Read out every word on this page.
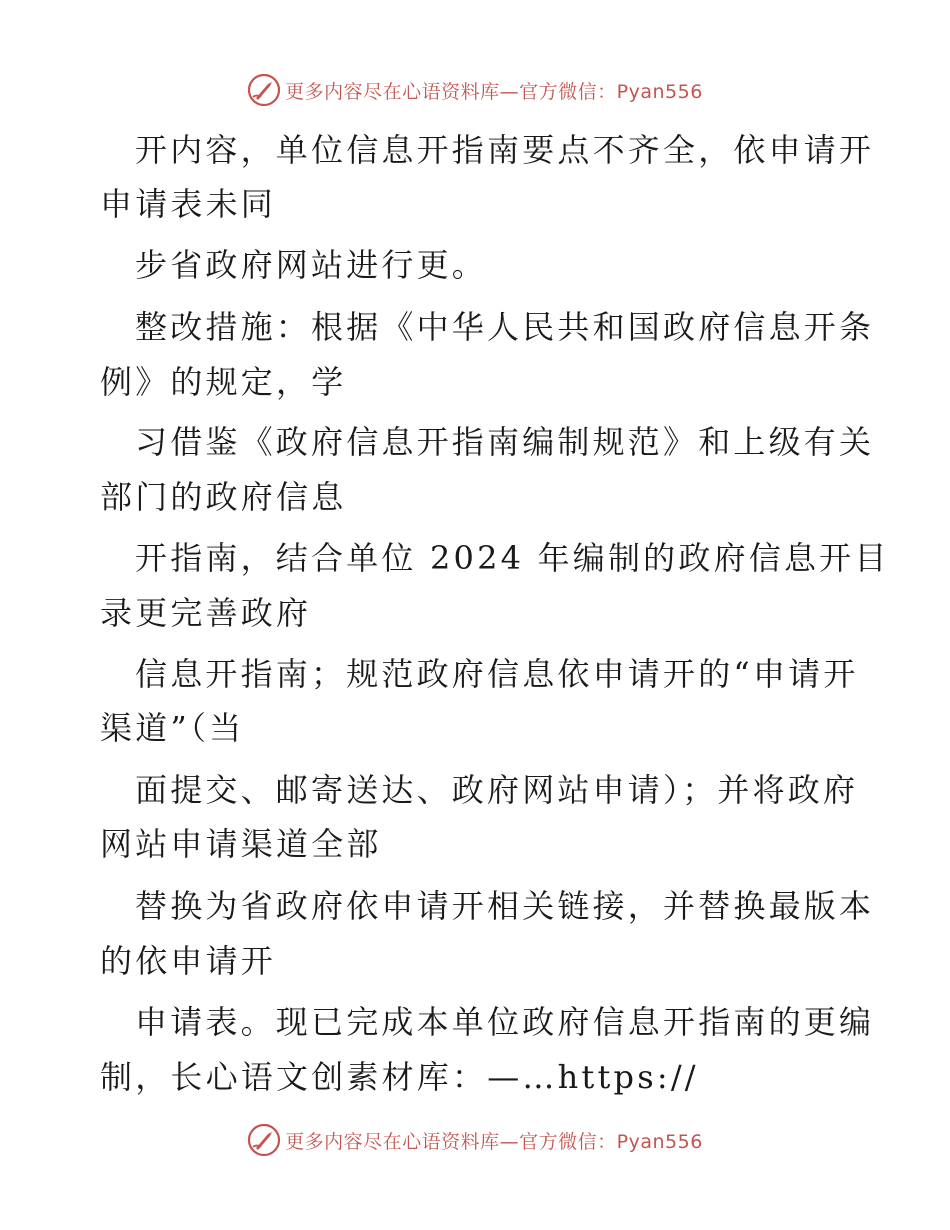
更多内容尽在心语资料库—官方微信：Pyan556
开内容，单位信息开指南要点不齐全，依申请开
申请表未同
步省政府网站进行更。
整改措施：根据《中华人民共和国政府信息开条
例》的规定，学
习借鉴《政府信息开指南编制规范》和上级有关
部门的政府信息
开指南，结合单位 2024 年编制的政府信息开目
录更完善政府
信息开指南；规范政府信息依申请开的“申请开
渠道”（当
面提交、邮寄送达、政府网站申请）；并将政府
网站申请渠道全部
替换为省政府依申请开相关链接，并替换最版本
的依申请开
申请表。现已完成本单位政府信息开指南的更编
制，长心语文创素材库：—…https://
更多内容尽在心语资料库—官方微信：Pyan556
